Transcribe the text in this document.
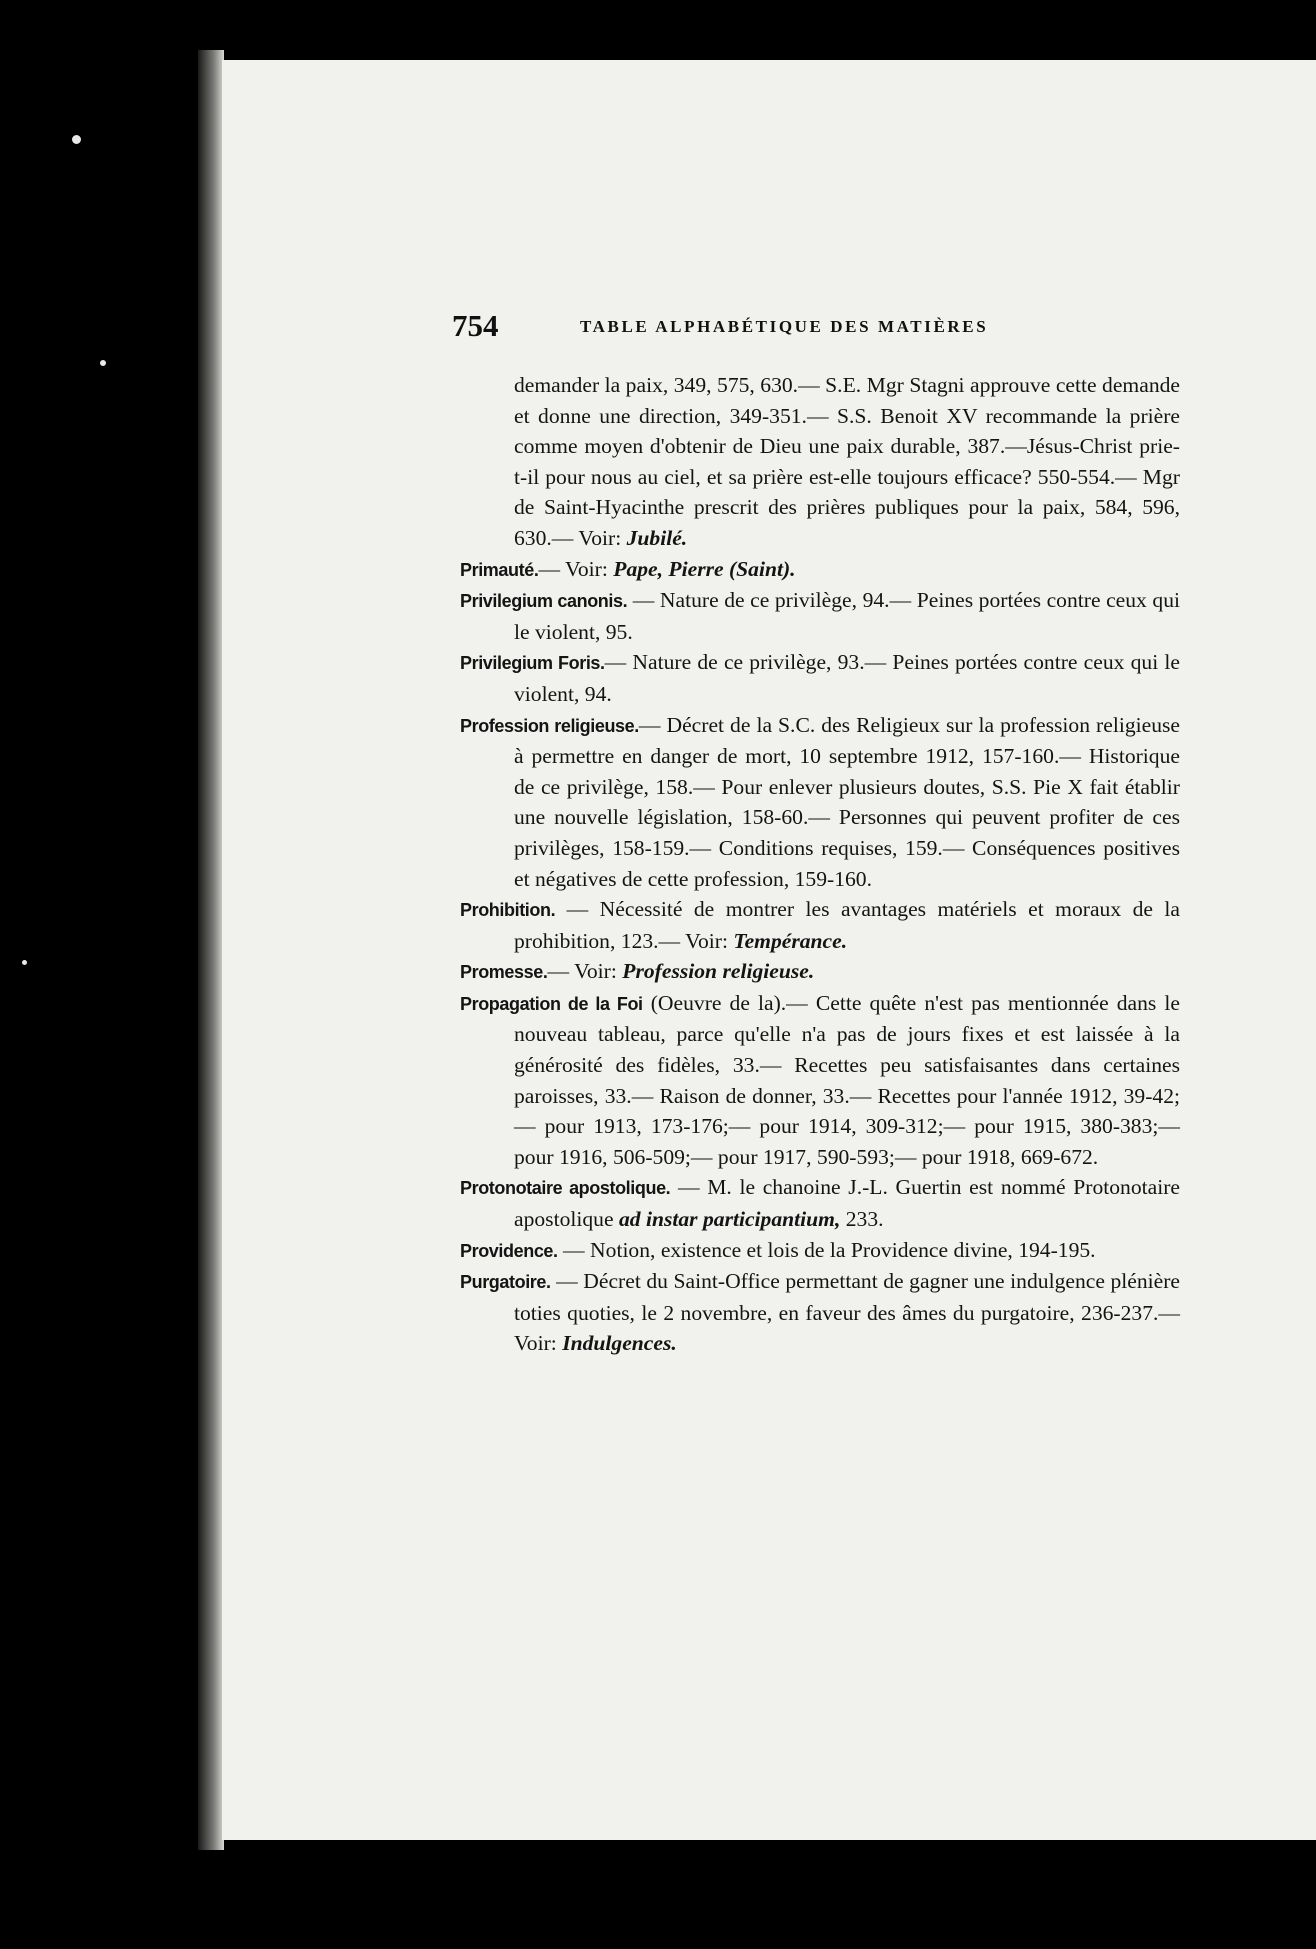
754	TABLE ALPHABÉTIQUE DES MATIÈRES

demander la paix, 349, 575, 630.— S.E. Mgr Stagni approuve cette demande et donne une direction, 349-351.— S.S. Benoit XV recommande la prière comme moyen d'obtenir de Dieu une paix durable, 387.—Jésus-Christ prie-t-il pour nous au ciel, et sa prière est-elle toujours efficace? 550-554.— Mgr de Saint-Hyacinthe prescrit des prières publiques pour la paix, 584, 596, 630.— Voir: Jubilé.

Primauté.— Voir: Pape, Pierre (Saint).

Privilegium canonis. — Nature de ce privilège, 94.— Peines portées contre ceux qui le violent, 95.

Privilegium Foris.— Nature de ce privilège, 93.— Peines portées contre ceux qui le violent, 94.

Profession religieuse.— Décret de la S.C. des Religieux sur la profession religieuse à permettre en danger de mort, 10 septembre 1912, 157-160.— Historique de ce privilège, 158.— Pour enlever plusieurs doutes, S.S. Pie X fait établir une nouvelle législation, 158-60.— Personnes qui peuvent profiter de ces privilèges, 158-159.— Conditions requises, 159.— Conséquences positives et négatives de cette profession, 159-160.

Prohibition. — Nécessité de montrer les avantages matériels et moraux de la prohibition, 123.— Voir: Tempérance.

Promesse.— Voir: Profession religieuse.

Propagation de la Foi (Oeuvre de la).— Cette quête n'est pas mentionnée dans le nouveau tableau, parce qu'elle n'a pas de jours fixes et est laissée à la générosité des fidèles, 33.— Recettes peu satisfaisantes dans certaines paroisses, 33.— Raison de donner, 33.— Recettes pour l'année 1912, 39-42;— pour 1913, 173-176;— pour 1914, 309-312;— pour 1915, 380-383;— pour 1916, 506-509;— pour 1917, 590-593;— pour 1918, 669-672.

Protonotaire apostolique. — M. le chanoine J.-L. Guertin est nommé Protonotaire apostolique ad instar participantium, 233.

Providence. — Notion, existence et lois de la Providence divine, 194-195.

Purgatoire. — Décret du Saint-Office permettant de gagner une indulgence plénière toties quoties, le 2 novembre, en faveur des âmes du purgatoire, 236-237.— Voir: Indulgences.
